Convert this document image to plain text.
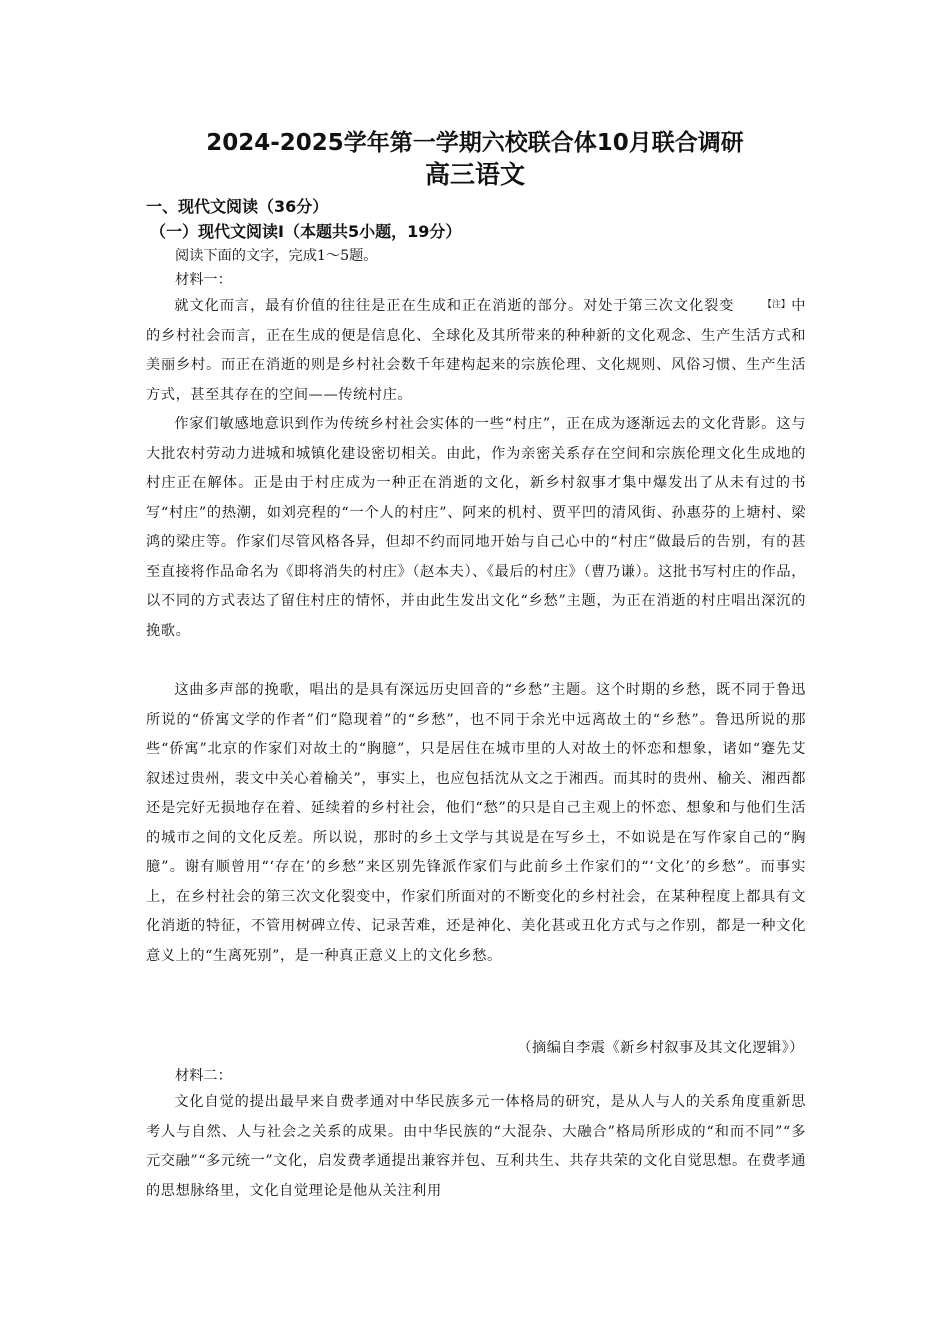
2024-2025学年第一学期六校联合体10月联合调研
高三语文
一、现代文阅读（36分）
（一）现代文阅读Ⅰ（本题共5小题，19分）
阅读下面的文字，完成1～5题。
材料一：

就文化而言，最有价值的往往是正在生成和正在消逝的部分。对处于第三次文化裂变	【注】中的乡村社会而言，正在生成的便是信息化、全球化及其所带来的种种新的文化观念、生产生活方式和美丽乡村。而正在消逝的则是乡村社会数千年建构起来的宗族伦理、文化规则、风俗习惯、生产生活方式，甚至其存在的空间——传统村庄。

作家们敏感地意识到作为传统乡村社会实体的一些“村庄”，正在成为逐渐远去的文化背影。这与大批农村劳动力进城和城镇化建设密切相关。由此，作为亲密关系存在空间和宗族伦理文化生成地的村庄正在解体。正是由于村庄成为一种正在消逝的文化，新乡村叙事才集中爆发出了从未有过的书写“村庄”的热潮，如刘亮程的“一个人的村庄”、阿来的机村、贾平凹的清风街、孙惠芬的上塘村、梁鸿的梁庄等。作家们尽管风格各异，但却不约而同地开始与自己心中的“村庄”做最后的告别，有的甚至直接将作品命名为《即将消失的村庄》（赵本夫）、《最后的村庄》（曹乃谦）。这批书写村庄的作品，以不同的方式表达了留住村庄的情怀，并由此生发出文化“乡愁”主题，为正在消逝的村庄唱出深沉的挽歌。

这曲多声部的挽歌，唱出的是具有深远历史回音的“乡愁”主题。这个时期的乡愁，既不同于鲁迅所说的“侨寓文学的作者”们“隐现着”的“乡愁”，也不同于余光中远离故土的“乡愁”。鲁迅所说的那些“侨寓”北京的作家们对故土的“胸臆”，只是居住在城市里的人对故土的怀恋和想象，诸如“蹇先艾叙述过贵州，裴文中关心着榆关”，事实上，也应包括沈从文之于湘西。而其时的贵州、榆关、湘西都还是完好无损地存在着、延续着的乡村社会，他们“愁”的只是自己主观上的怀恋、想象和与他们生活的城市之间的文化反差。所以说，那时的乡土文学与其说是在写乡土，不如说是在写作家自己的“胸臆”。谢有顺曾用“‘存在’的乡愁”来区别先锋派作家们与此前乡土作家们的“‘文化’的乡愁”。而事实上，在乡村社会的第三次文化裂变中，作家们所面对的不断变化的乡村社会，在某种程度上都具有文化消逝的特征，不管用树碑立传、记录苦难，还是神化、美化甚或丑化方式与之作别，都是一种文化意义上的“生离死别”，是一种真正意义上的文化乡愁。

（摘编自李震《新乡村叙事及其文化逻辑》）
材料二：

文化自觉的提出最早来自费孝通对中华民族多元一体格局的研究，是从人与人的关系角度重新思考人与自然、人与社会之关系的成果。由中华民族的“大混杂、大融合”格局所形成的“和而不同”“多元交融”“多元统一”文化，启发费孝通提出兼容并包、互利共生、共存共荣的文化自觉思想。在费孝通的思想脉络里，文化自觉理论是他从关注利用
